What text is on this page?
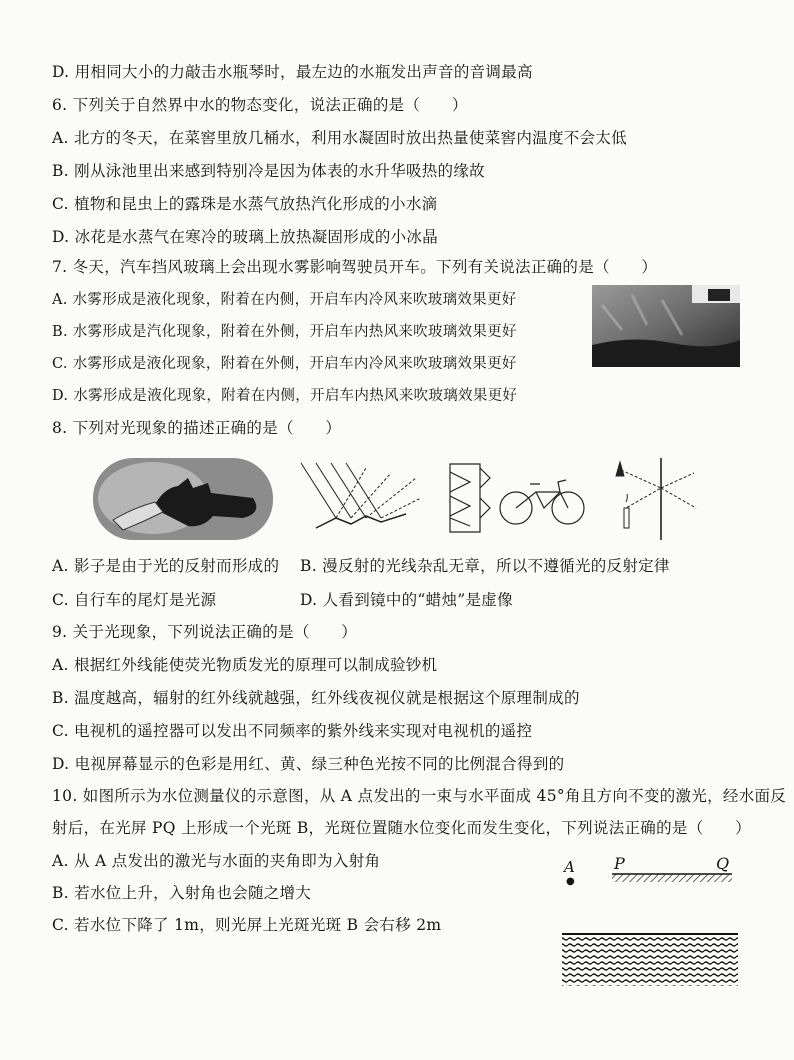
D. 用相同大小的力敲击水瓶琴时，最左边的水瓶发出声音的音调最高
6. 下列关于自然界中水的物态变化，说法正确的是（　　）
A. 北方的冬天，在菜窖里放几桶水，利用水凝固时放出热量使菜窖内温度不会太低
B. 刚从泳池里出来感到特别冷是因为体表的水升华吸热的缘故
C. 植物和昆虫上的露珠是水蒸气放热汽化形成的小水滴
D. 冰花是水蒸气在寒冷的玻璃上放热凝固形成的小冰晶
7. 冬天，汽车挡风玻璃上会出现水雾影响驾驶员开车。下列有关说法正确的是（　　）
A. 水雾形成是液化现象，附着在内侧，开启车内冷风来吹玻璃效果更好
B. 水雾形成是汽化现象，附着在外侧，开启车内热风来吹玻璃效果更好
C. 水雾形成是液化现象，附着在外侧，开启车内冷风来吹玻璃效果更好
D. 水雾形成是液化现象，附着在内侧，开启车内热风来吹玻璃效果更好
8. 下列对光现象的描述正确的是（　　）
A. 影子是由于光的反射而形成的 B. 漫反射的光线杂乱无章，所以不遵循光的反射定律
C. 自行车的尾灯是光源	D. 人看到镜中的“蜡烛”是虚像
9. 关于光现象，下列说法正确的是（　　）
A. 根据红外线能使荧光物质发光的原理可以制成验钞机
B. 温度越高，辐射的红外线就越强，红外线夜视仪就是根据这个原理制成的
C. 电视机的遥控器可以发出不同频率的紫外线来实现对电视机的遥控
D. 电视屏幕显示的色彩是用红、黄、绿三种色光按不同的比例混合得到的
10. 如图所示为水位测量仪的示意图，从 A 点发出的一束与水平面成 45°角且方向不变的激光，经水面反
射后，在光屏 PQ 上形成一个光斑 B，光斑位置随水位变化而发生变化，下列说法正确的是（　　）
A. 从 A 点发出的激光与水面的夹角即为入射角
B. 若水位上升，入射角也会随之增大
C. 若水位下降了 1m，则光屏上光斑光斑 B 会右移 2m
A
●
P	Q
